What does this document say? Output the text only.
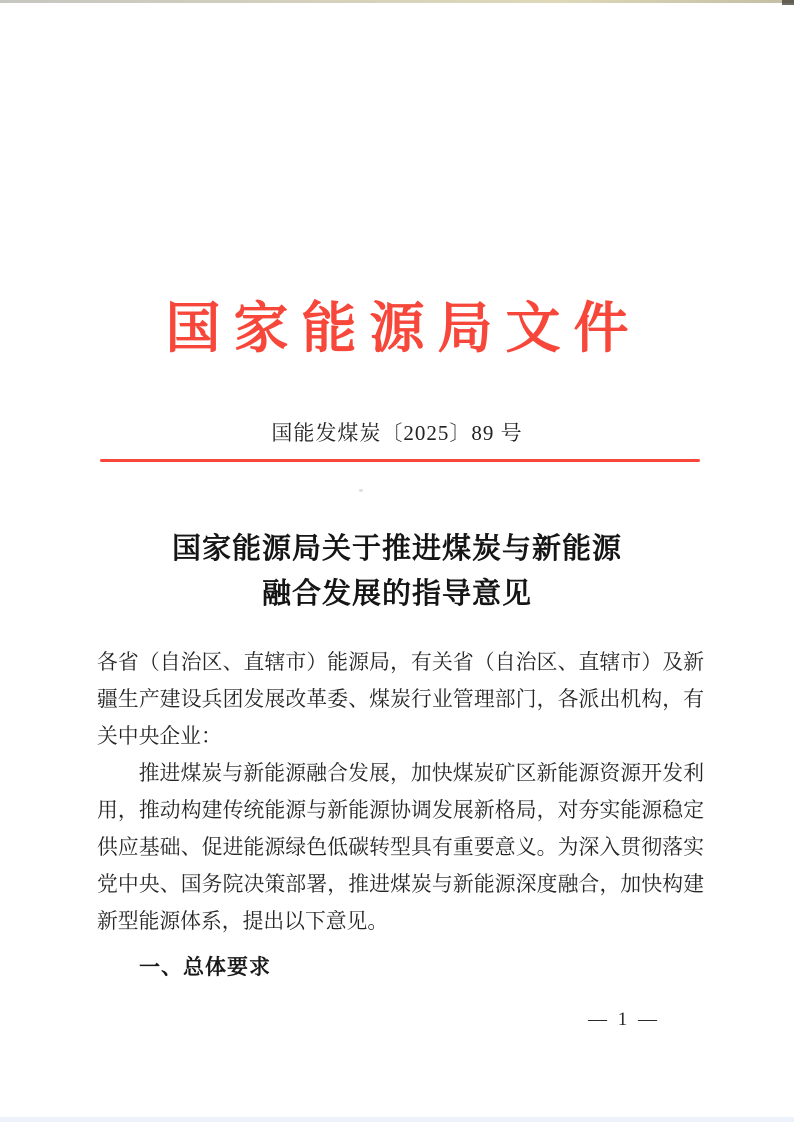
国家能源局文件
国能发煤炭〔2025〕89 号
国家能源局关于推进煤炭与新能源
融合发展的指导意见

各省（自治区、直辖市）能源局，有关省（自治区、直辖市）及新疆生产建设兵团发展改革委、煤炭行业管理部门，各派出机构，有关中央企业：

推进煤炭与新能源融合发展，加快煤炭矿区新能源资源开发利用，推动构建传统能源与新能源协调发展新格局，对夯实能源稳定供应基础、促进能源绿色低碳转型具有重要意义。为深入贯彻落实党中央、国务院决策部署，推进煤炭与新能源深度融合，加快构建新型能源体系，提出以下意见。

一、总体要求

— 1 —
